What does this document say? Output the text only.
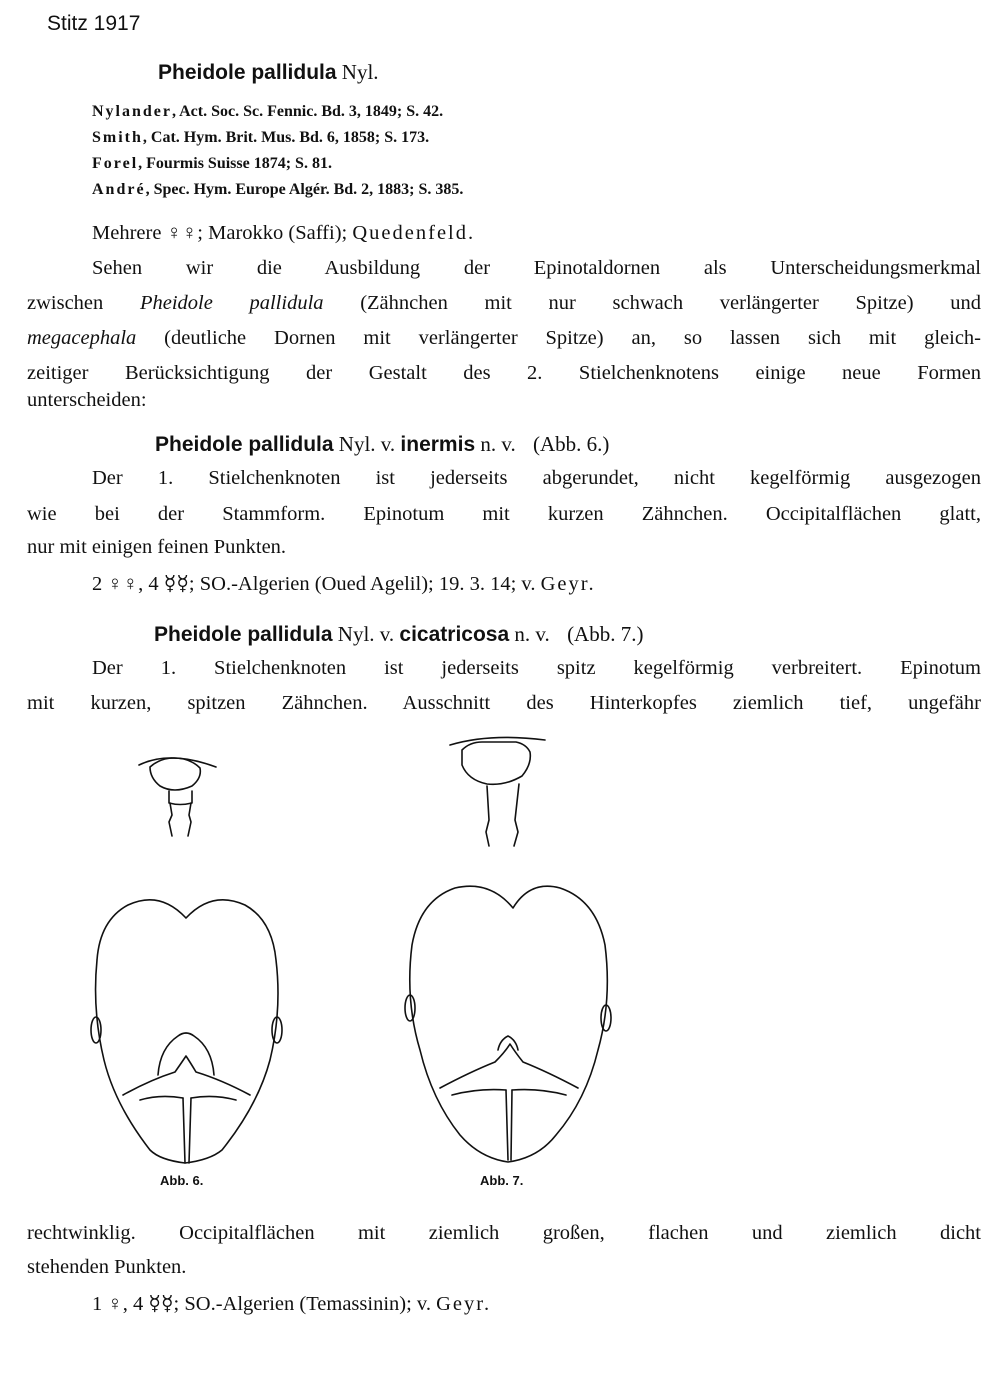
Stitz 1917
Pheidole pallidula Nyl.
Nylander, Act. Soc. Sc. Fennic. Bd. 3, 1849; S. 42.
Smith, Cat. Hym. Brit. Mus. Bd. 6, 1858; S. 173.
Forel, Fourmis Suisse 1874; S. 81.
André, Spec. Hym. Europe Algér. Bd. 2, 1883; S. 385.
Mehrere ♀♀; Marokko (Saffi); Quedenfeld.
Sehen wir die Ausbildung der Epinotaldornen als Unterscheidungsmerkmal
zwischen Pheidole pallidula (Zähnchen mit nur schwach verlängerter Spitze) und
megacephala (deutliche Dornen mit verlängerter Spitze) an, so lassen sich mit gleich-
zeitiger Berücksichtigung der Gestalt des 2. Stielchenknotens einige neue Formen
unterscheiden:
Pheidole pallidula Nyl. v. inermis n. v. (Abb. 6.)
Der 1. Stielchenknoten ist jederseits abgerundet, nicht kegelförmig ausgezogen
wie bei der Stammform. Epinotum mit kurzen Zähnchen. Occipitalflächen glatt,
nur mit einigen feinen Punkten.
2 ♀♀, 4 ☿☿; SO.-Algerien (Oued Agelil); 19. 3. 14; v. Geyr.
Pheidole pallidula Nyl. v. cicatricosa n. v. (Abb. 7.)
Der 1. Stielchenknoten ist jederseits spitz kegelförmig verbreitert. Epinotum
mit kurzen, spitzen Zähnchen. Ausschnitt des Hinterkopfes ziemlich tief, ungefähr
Abb. 6.	Abb. 7.
rechtwinklig. Occipitalflächen mit ziemlich großen, flachen und ziemlich dicht
stehenden Punkten.
1 ♀, 4 ☿☿; SO.-Algerien (Temassinin); v. Geyr.
